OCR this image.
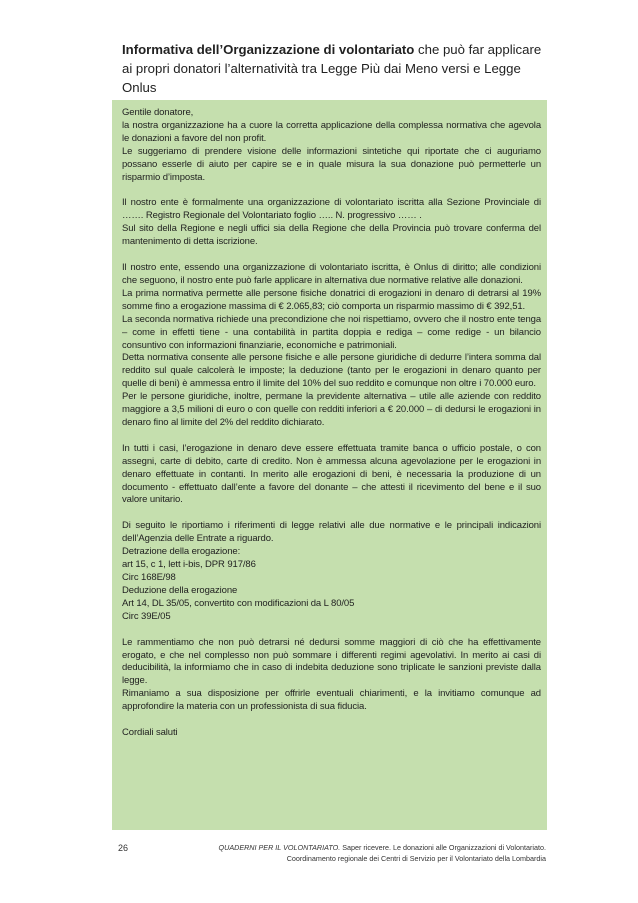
Informativa dell’Organizzazione di volontariato che può far applicare ai propri donatori l’alternatività tra Legge Più dai Meno versi e Legge Onlus

Gentile donatore,

la nostra organizzazione ha a cuore la corretta applicazione della complessa normativa che agevola le donazioni a favore del non profit.

Le suggeriamo di prendere visione delle informazioni sintetiche qui riportate che ci auguriamo possano esserle di aiuto per capire se e in quale misura la sua donazione può permetterle un risparmio d’imposta.

Il nostro ente è formalmente una organizzazione di volontariato iscritta alla Sezione Provinciale di ……. Registro Regionale del Volontariato foglio ….. N. progressivo …… .

Sul sito della Regione e negli uffici sia della Regione che della Provincia può trovare conferma del mantenimento di detta iscrizione.

Il nostro ente, essendo una organizzazione di volontariato iscritta, è Onlus di diritto; alle condizioni che seguono, il nostro ente può farle applicare in alternativa due normative relative alle donazioni.

La prima normativa permette alle persone fisiche donatrici di erogazioni in denaro di detrarsi al 19% somme fino a erogazione massima di € 2.065,83; ciò comporta un risparmio massimo di € 392,51.

La seconda normativa richiede una precondizione che noi rispettiamo, ovvero che il nostro ente tenga – come in effetti tiene - una contabilità in partita doppia e rediga – come redige - un bilancio consuntivo con informazioni finanziarie, economiche e patrimoniali.

Detta normativa consente alle persone fisiche e alle persone giuridiche di dedurre l’intera somma dal reddito sul quale calcolerà le imposte; la deduzione (tanto per le erogazioni in denaro quanto per quelle di beni) è ammessa entro il limite del 10% del suo reddito e comunque non oltre i 70.000 euro.

Per le persone giuridiche, inoltre, permane la previdente alternativa – utile alle aziende con reddito maggiore a 3,5 milioni di euro o con quelle con redditi inferiori a € 20.000 – di dedursi le erogazioni in denaro fino al limite del 2% del reddito dichiarato.

In tutti i casi, l’erogazione in denaro deve essere effettuata tramite banca o ufficio postale, o con assegni, carte di debito, carte di credito. Non è ammessa alcuna agevolazione per le erogazioni in denaro effettuate in contanti. In merito alle erogazioni di beni, è necessaria la produzione di un documento - effettuato dall’ente a favore del donante – che attesti il ricevimento del bene e il suo valore unitario.

Di seguito le riportiamo i riferimenti di legge relativi alle due normative e le principali indicazioni dell’Agenzia delle Entrate a riguardo.

Detrazione della erogazione:

art 15, c 1, lett i-bis, DPR 917/86

Circ 168E/98

Deduzione della erogazione

Art 14, DL 35/05, convertito con modificazioni da L 80/05

Circ 39E/05

Le rammentiamo che non può detrarsi né dedursi somme maggiori di ciò che ha effettivamente erogato, e che nel complesso non può sommare i differenti regimi agevolativi. In merito ai casi di deducibilità, la informiamo che in caso di indebita deduzione sono triplicate le sanzioni previste dalla legge.

Rimaniamo a sua disposizione per offrirle eventuali chiarimenti, e la invitiamo comunque ad approfondire la materia con un professionista di sua fiducia.

Cordiali saluti

26	QUADERNI PER IL VOLONTARIATO. Saper ricevere. Le donazioni alle Organizzazioni di Volontariato.
Coordinamento regionale dei Centri di Servizio per il Volontariato della Lombardia
